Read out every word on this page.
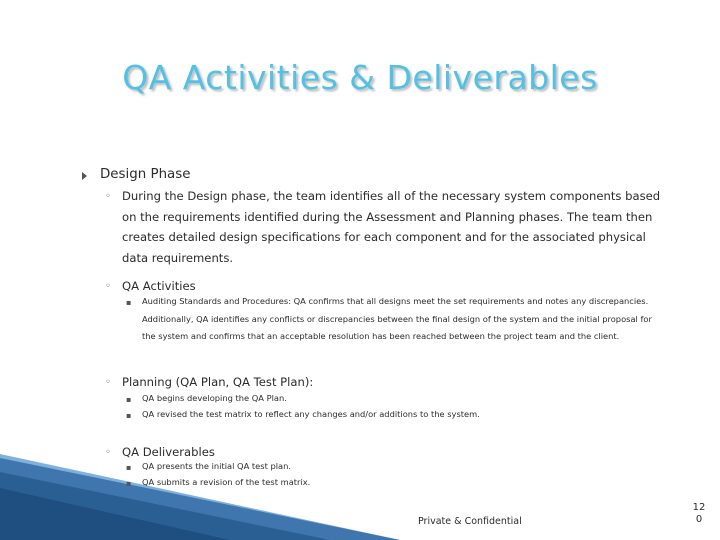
QA Activities & Deliverables
Design Phase
◦ During the Design phase, the team identifies all of the necessary system components based on the requirements identified during the Assessment and Planning phases. The team then creates detailed design specifications for each component and for the associated physical data requirements.
◦ QA Activities
▪ Auditing Standards and Procedures: QA confirms that all designs meet the set requirements and notes any discrepancies. Additionally, QA identifies any conflicts or discrepancies between the final design of the system and the initial proposal for the system and confirms that an acceptable resolution has been reached between the project team and the client.
◦ Planning (QA Plan, QA Test Plan):
▪ QA begins developing the QA Plan.
▪ QA revised the test matrix to reflect any changes and/or additions to the system.
◦ QA Deliverables
▪ QA presents the initial QA test plan.
▪ QA submits a revision of the test matrix.
Private & Confidential
12
0
